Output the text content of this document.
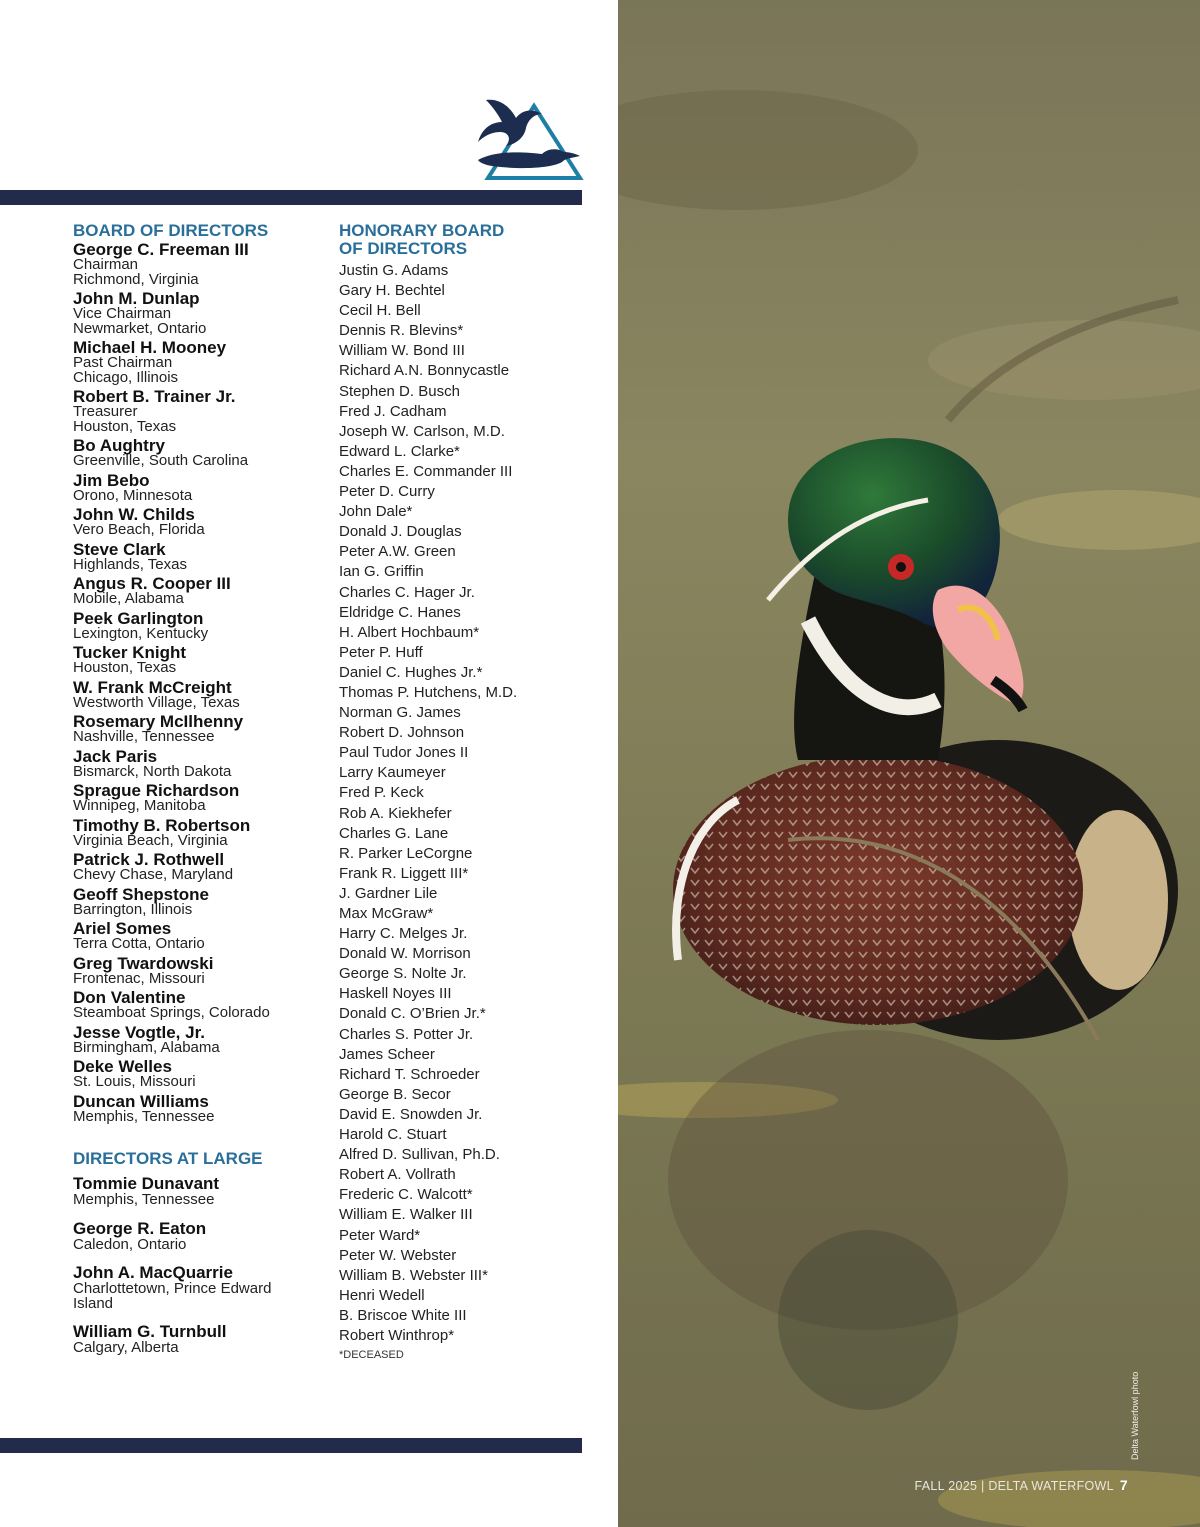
BOARD OF DIRECTORS
George C. Freeman III
Chairman
Richmond, Virginia
John M. Dunlap
Vice Chairman
Newmarket, Ontario
Michael H. Mooney
Past Chairman
Chicago, Illinois
Robert B. Trainer Jr.
Treasurer
Houston, Texas
Bo Aughtry
Greenville, South Carolina
Jim Bebo
Orono, Minnesota
John W. Childs
Vero Beach, Florida
Steve Clark
Highlands, Texas
Angus R. Cooper III
Mobile, Alabama
Peek Garlington
Lexington, Kentucky
Tucker Knight
Houston, Texas
W. Frank McCreight
Westworth Village, Texas
Rosemary McIlhenny
Nashville, Tennessee
Jack Paris
Bismarck, North Dakota
Sprague Richardson
Winnipeg, Manitoba
Timothy B. Robertson
Virginia Beach, Virginia
Patrick J. Rothwell
Chevy Chase, Maryland
Geoff Shepstone
Barrington, Illinois
Ariel Somes
Terra Cotta, Ontario
Greg Twardowski
Frontenac, Missouri
Don Valentine
Steamboat Springs, Colorado
Jesse Vogtle, Jr.
Birmingham, Alabama
Deke Welles
St. Louis, Missouri
Duncan Williams
Memphis, Tennessee
DIRECTORS AT LARGE
Tommie Dunavant
Memphis, Tennessee
George R. Eaton
Caledon, Ontario
John A. MacQuarrie
Charlottetown, Prince Edward
Island
William G. Turnbull
Calgary, Alberta
HONORARY BOARD
OF DIRECTORS
Justin G. Adams
Gary H. Bechtel
Cecil H. Bell
Dennis R. Blevins*
William W. Bond III
Richard A.N. Bonnycastle
Stephen D. Busch
Fred J. Cadham
Joseph W. Carlson, M.D.
Edward L. Clarke*
Charles E. Commander III
Peter D. Curry
John Dale*
Donald J. Douglas
Peter A.W. Green
Ian G. Griffin
Charles C. Hager Jr.
Eldridge C. Hanes
H. Albert Hochbaum*
Peter P. Huff
Daniel C. Hughes Jr.*
Thomas P. Hutchens, M.D.
Norman G. James
Robert D. Johnson
Paul Tudor Jones II
Larry Kaumeyer
Fred P. Keck
Rob A. Kiekhefer
Charles G. Lane
R. Parker LeCorgne
Frank R. Liggett III*
J. Gardner Lile
Max McGraw*
Harry C. Melges Jr.
Donald W. Morrison
George S. Nolte Jr.
Haskell Noyes III
Donald C. O’Brien Jr.*
Charles S. Potter Jr.
James Scheer
Richard T. Schroeder
George B. Secor
David E. Snowden Jr.
Harold C. Stuart
Alfred D. Sullivan, Ph.D.
Robert A. Vollrath
Frederic C. Walcott*
William E. Walker III
Peter Ward*
Peter W. Webster
William B. Webster III*
Henri Wedell
B. Briscoe White III
Robert Winthrop*
*DECEASED
Delta Waterfowl photo
FALL 2025 | DELTA WATERFOWL 7
